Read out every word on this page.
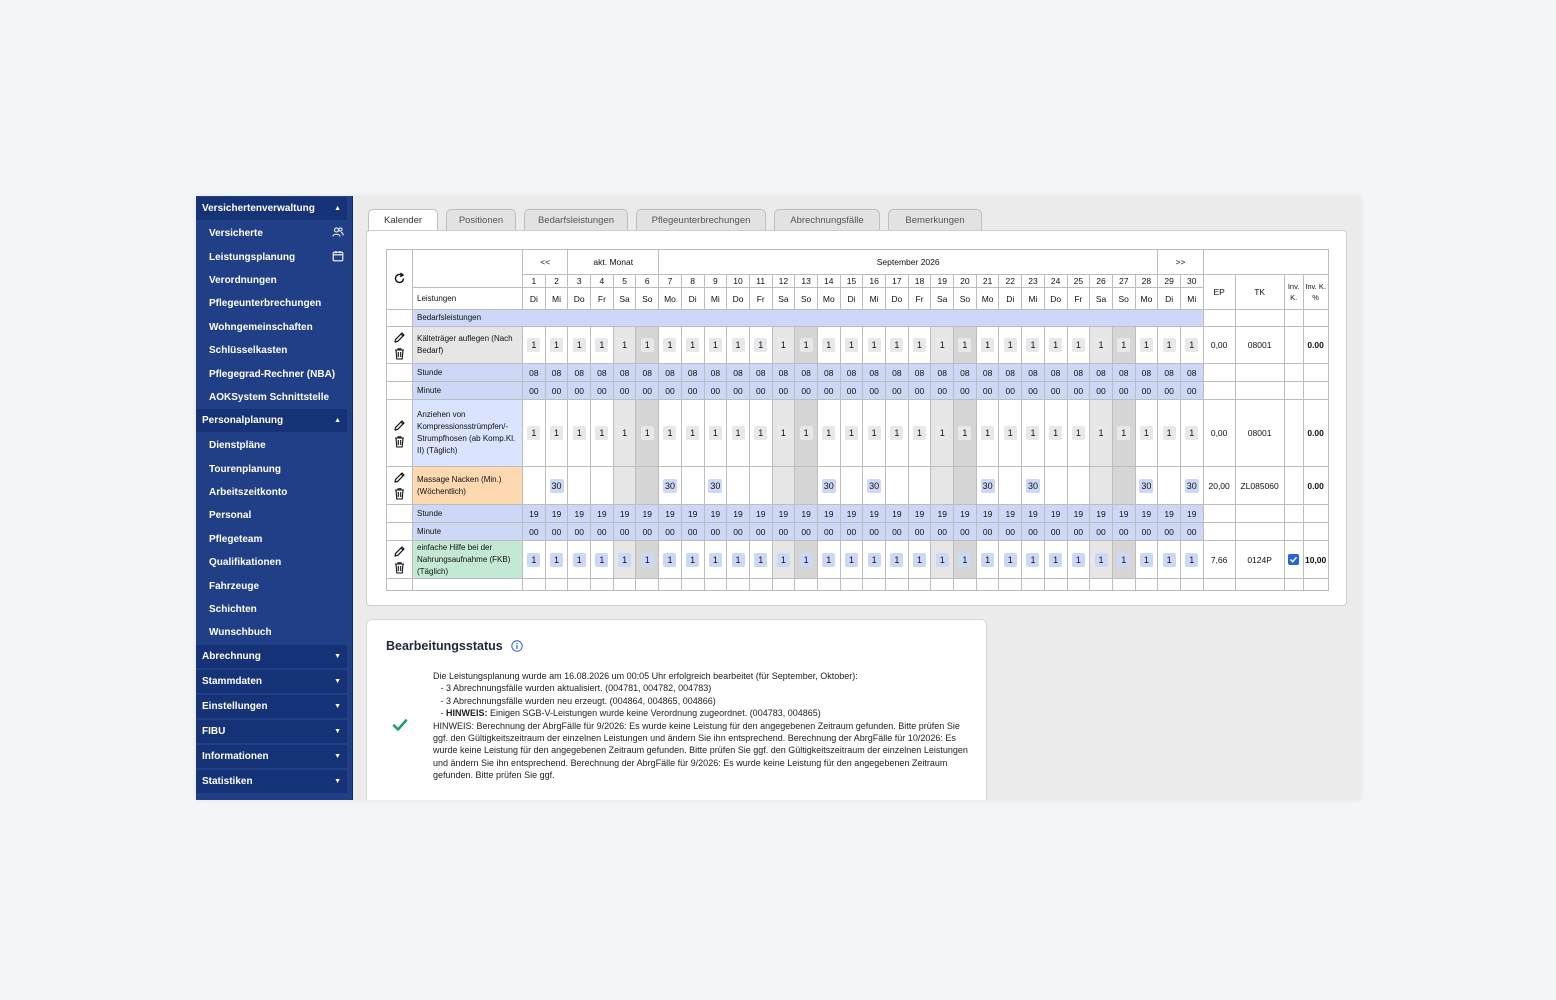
Versichertenverwaltung	▲
Versicherte
Leistungsplanung
Verordnungen
Pflegeunterbrechungen
Wohngemeinschaften
Schlüsselkasten
Pflegegrad-Rechner (NBA)
AOKSystem Schnittstelle
Personalplanung	▲
Dienstpläne
Tourenplanung
Arbeitszeitkonto
Personal
Pflegeteam
Qualifikationen
Fahrzeuge
Schichten
Wunschbuch
Abrechnung	▼
Stammdaten	▼
Einstellungen	▼
FIBU	▼
Informationen	▼
Statistiken	▼
Kalender	Positionen	Bedarfsleistungen	Pflegeunterbrechungen	Abrechnungsfälle	Bemerkungen
		<<		akt. Monat				September 2026																						>>					
		1	2	3	4	5	6	7	8	9	10	11	12	13	14	15	16	17	18	19	20	21	22	23	24	25	26	27	28	29	30	EP	TK	Inv. K.	Inv. K. %
	Leistungen	Di	Mi	Do	Fr	Sa	So	Mo	Di	Mi	Do	Fr	Sa	So	Mo	Di	Mi	Do	Fr	Sa	So	Mo	Di	Mi	Do	Fr	Sa	So	Mo	Di	Mi				
	Bedarfsleistungen																																		

	Kälteträger auflegen (Nach Bedarf)	1	1	1	1	1	1	1	1	1	1	1	1	1	1	1	1	1	1	1	1	1	1	1	1	1	1	1	1	1	1	0,00	08001		0.00
	Stunde	08	08	08	08	08	08	08	08	08	08	08	08	08	08	08	08	08	08	08	08	08	08	08	08	08	08	08	08	08	08				
	Minute	00	00	00	00	00	00	00	00	00	00	00	00	00	00	00	00	00	00	00	00	00	00	00	00	00	00	00	00	00	00				

	Anziehen von Kompressionsstrümpfen/-Strumpfhosen (ab Komp.Kl. II) (Täglich)	1	1	1	1	1	1	1	1	1	1	1	1	1	1	1	1	1	1	1	1	1	1	1	1	1	1	1	1	1	1	0,00	08001		0.00

	Massage Nacken (Min.) (Wöchentlich)		30					30		30					30		30					30		30					30		30	20,00	ZL085060		0.00
	Stunde	19	19	19	19	19	19	19	19	19	19	19	19	19	19	19	19	19	19	19	19	19	19	19	19	19	19	19	19	19	19				
	Minute	00	00	00	00	00	00	00	00	00	00	00	00	00	00	00	00	00	00	00	00	00	00	00	00	00	00	00	00	00	00				

	einfache Hilfe bei der Nahrungsaufnahme (FKB) (Täglich)	1	1	1	1	1	1	1	1	1	1	1	1	1	1	1	1	1	1	1	1	1	1	1	1	1	1	1	1	1	1	7,66	0124P		10,00

Bearbeitungsstatus
Die Leistungsplanung wurde am 16.08.2026 um 00:05 Uhr erfolgreich bearbeitet (für September, Oktober):
- 3 Abrechnungsfälle wurden aktualisiert. (004781, 004782, 004783)
- 3 Abrechnungsfälle wurden neu erzeugt. (004864, 004865, 004866)
- HINWEIS: Einigen SGB-V-Leistungen wurde keine Verordnung zugeordnet. (004783, 004865)
HINWEIS: Berechnung der AbrgFälle für 9/2026: Es wurde keine Leistung für den angegebenen Zeitraum gefunden. Bitte prüfen Sie ggf. den Gültigkeitszeitraum der einzelnen Leistungen und ändern Sie ihn entsprechend. Berechnung der AbrgFälle für 10/2026: Es wurde keine Leistung für den angegebenen Zeitraum gefunden. Bitte prüfen Sie ggf. den Gültigkeitszeitraum der einzelnen Leistungen und ändern Sie ihn entsprechend. Berechnung der AbrgFälle für 9/2026: Es wurde keine Leistung für den angegebenen Zeitraum gefunden. Bitte prüfen Sie ggf.
